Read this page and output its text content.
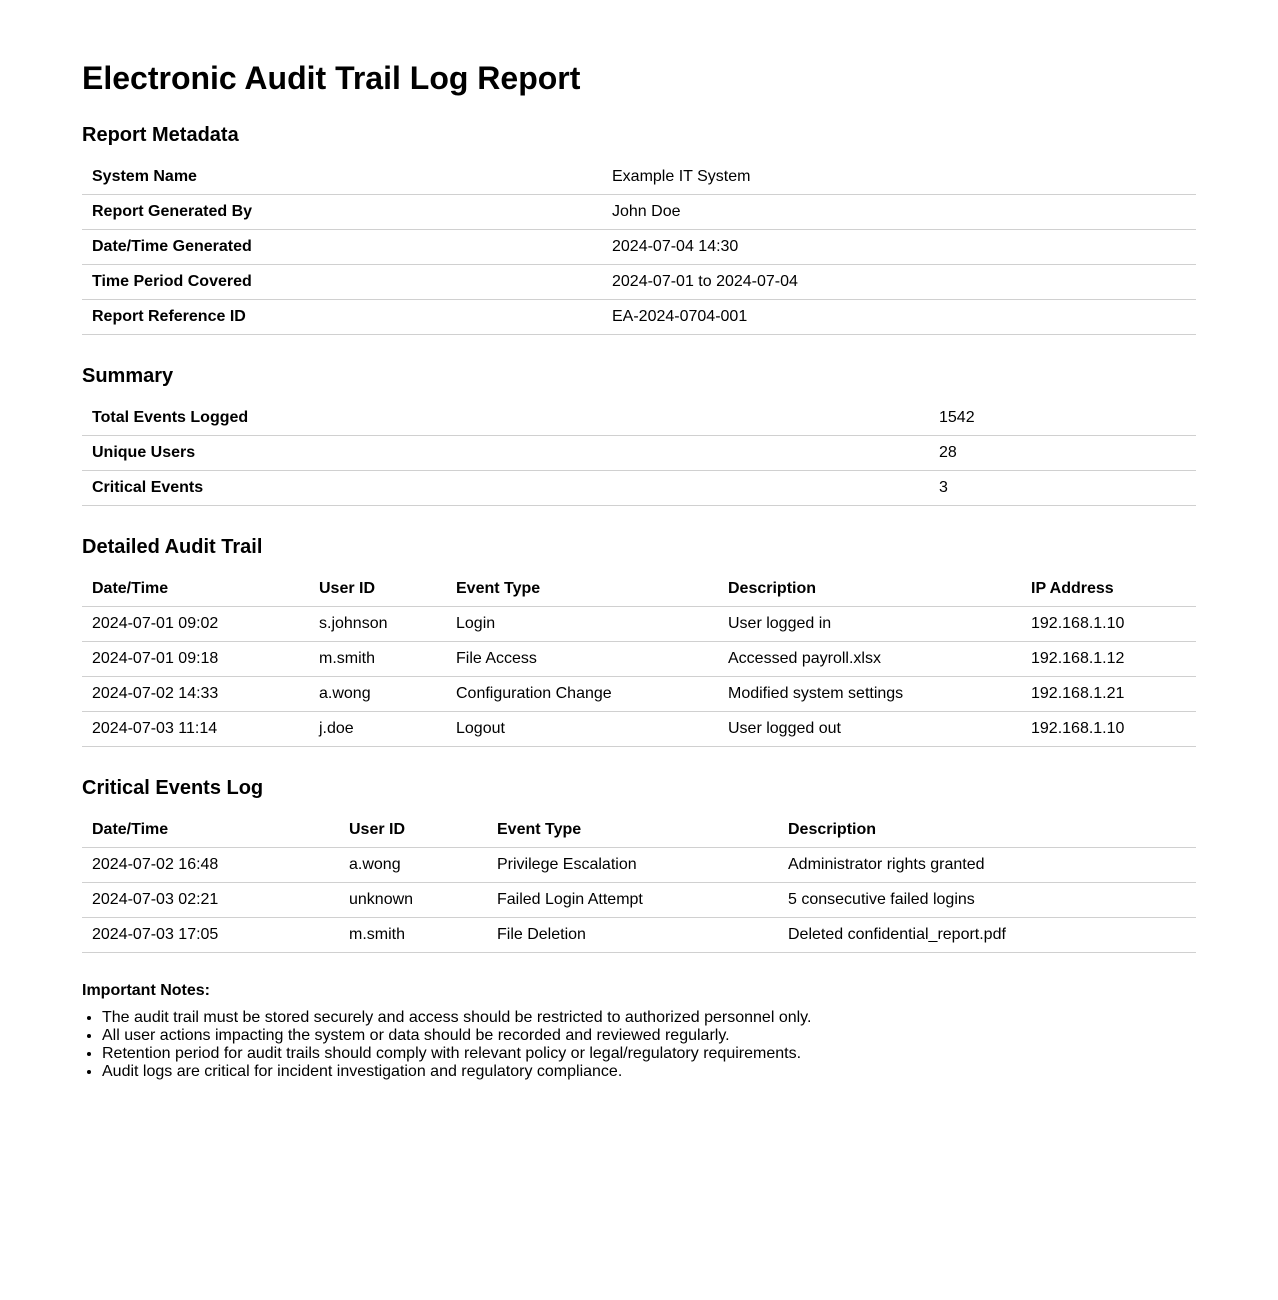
Electronic Audit Trail Log Report
Report Metadata
System Name	Example IT System
Report Generated By	John Doe
Date/Time Generated	2024-07-04 14:30
Time Period Covered	2024-07-01 to 2024-07-04
Report Reference ID	EA-2024-0704-001
Summary
Total Events Logged	1542
Unique Users	28
Critical Events	3
Detailed Audit Trail
Date/Time	User ID	Event Type	Description	IP Address
2024-07-01 09:02	s.johnson	Login	User logged in	192.168.1.10
2024-07-01 09:18	m.smith	File Access	Accessed payroll.xlsx	192.168.1.12
2024-07-02 14:33	a.wong	Configuration Change	Modified system settings	192.168.1.21
2024-07-03 11:14	j.doe	Logout	User logged out	192.168.1.10
Critical Events Log
Date/Time	User ID	Event Type	Description
2024-07-02 16:48	a.wong	Privilege Escalation	Administrator rights granted
2024-07-03 02:21	unknown	Failed Login Attempt	5 consecutive failed logins
2024-07-03 17:05	m.smith	File Deletion	Deleted confidential_report.pdf
Important Notes:
• The audit trail must be stored securely and access should be restricted to authorized personnel only.
• All user actions impacting the system or data should be recorded and reviewed regularly.
• Retention period for audit trails should comply with relevant policy or legal/regulatory requirements.
• Audit logs are critical for incident investigation and regulatory compliance.
